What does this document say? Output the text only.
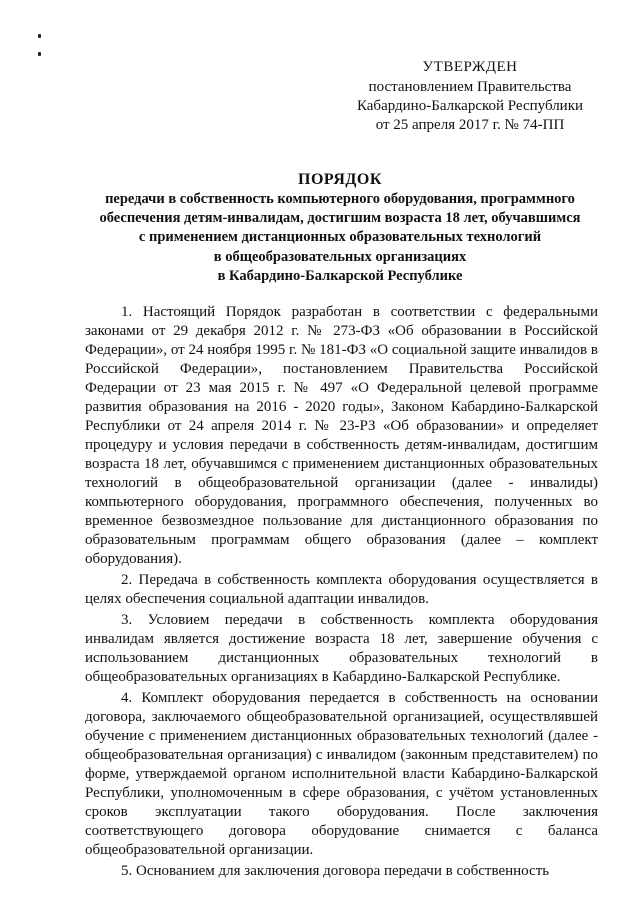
УТВЕРЖДЕН
постановлением Правительства
Кабардино-Балкарской Республики
от 25 апреля 2017 г. № 74-ПП
ПОРЯДОК
передачи в собственность компьютерного оборудования, программного
обеспечения детям-инвалидам, достигшим возраста 18 лет, обучавшимся
с применением дистанционных образовательных технологий
в общеобразовательных организациях
в Кабардино-Балкарской Республике

1. Настоящий Порядок разработан в соответствии с федеральными законами от 29 декабря 2012 г. № 273-ФЗ «Об образовании в Российской Федерации», от 24 ноября 1995 г. № 181-ФЗ «О социальной защите инвалидов в Российской Федерации», постановлением Правительства Российской Федерации от 23 мая 2015 г. № 497 «О Федеральной целевой программе развития образования на 2016 - 2020 годы», Законом Кабардино-Балкарской Республики от 24 апреля 2014 г. № 23-РЗ «Об образовании» и определяет процедуру и условия передачи в собственность детям-инвалидам, достигшим возраста 18 лет, обучавшимся с применением дистанционных образовательных технологий в общеобразовательной организации (далее - инвалиды) компьютерного оборудования, программного обеспечения, полученных во временное безвозмездное пользование для дистанционного образования по образовательным программам общего образования (далее – комплект оборудования).

2. Передача в собственность комплекта оборудования осуществляется в целях обеспечения социальной адаптации инвалидов.

3. Условием передачи в собственность комплекта оборудования инвалидам является достижение возраста 18 лет, завершение обучения с использованием дистанционных образовательных технологий в общеобразовательных организациях в Кабардино-Балкарской Республике.

4. Комплект оборудования передается в собственность на основании договора, заключаемого общеобразовательной организацией, осуществлявшей обучение с применением дистанционных образовательных технологий (далее - общеобразовательная организация) с инвалидом (законным представителем) по форме, утверждаемой органом исполнительной власти Кабардино-Балкарской Республики, уполномоченным в сфере образования, с учётом установленных сроков эксплуатации такого оборудования. После заключения соответствующего договора оборудование снимается с баланса общеобразовательной организации.

5. Основанием для заключения договора передачи в собственность
